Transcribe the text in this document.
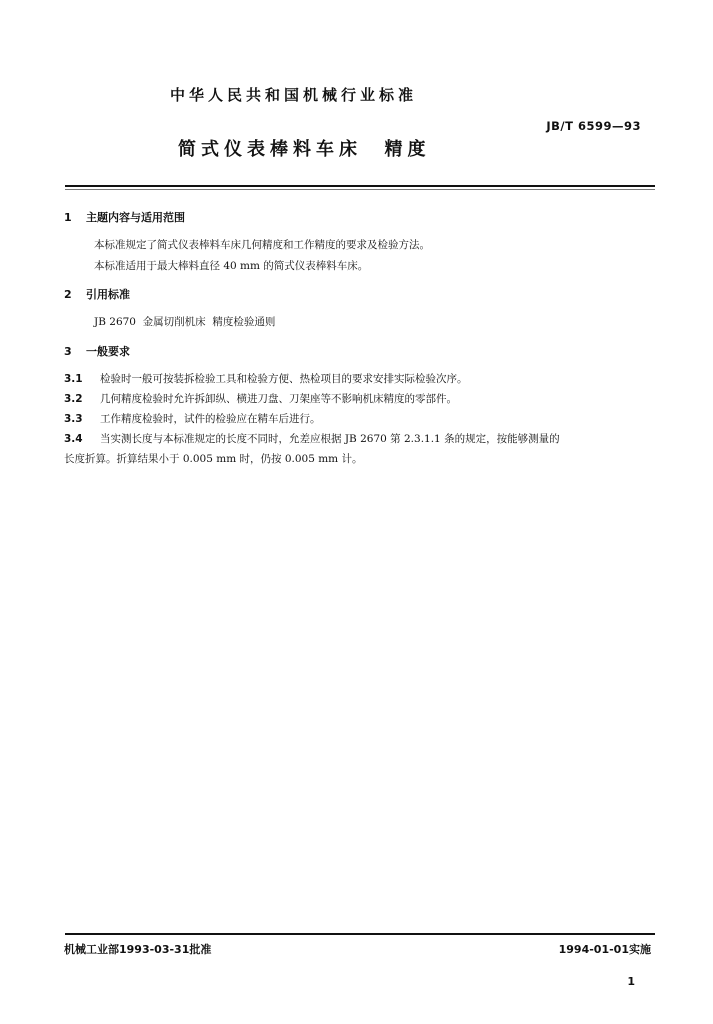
中华人民共和国机械行业标准
JB/T 6599—93
简式仪表棒料车床  精度
1 主题内容与适用范围
本标准规定了简式仪表棒料车床几何精度和工作精度的要求及检验方法。
本标准适用于最大棒料直径 40 mm 的简式仪表棒料车床。
2 引用标准
JB 2670  金属切削机床  精度检验通则
3 一般要求
3.1 检验时一般可按装拆检验工具和检验方便、热检项目的要求安排实际检验次序。
3.2 几何精度检验时允许拆卸纵、横进刀盘、刀架座等不影响机床精度的零部件。
3.3 工作精度检验时，试件的检验应在精车后进行。
3.4 当实测长度与本标准规定的长度不同时，允差应根据 JB 2670 第 2.3.1.1 条的规定，按能够测量的
长度折算。折算结果小于 0.005 mm 时，仍按 0.005 mm 计。
机械工业部1993-03-31批准	1994-01-01实施
1
